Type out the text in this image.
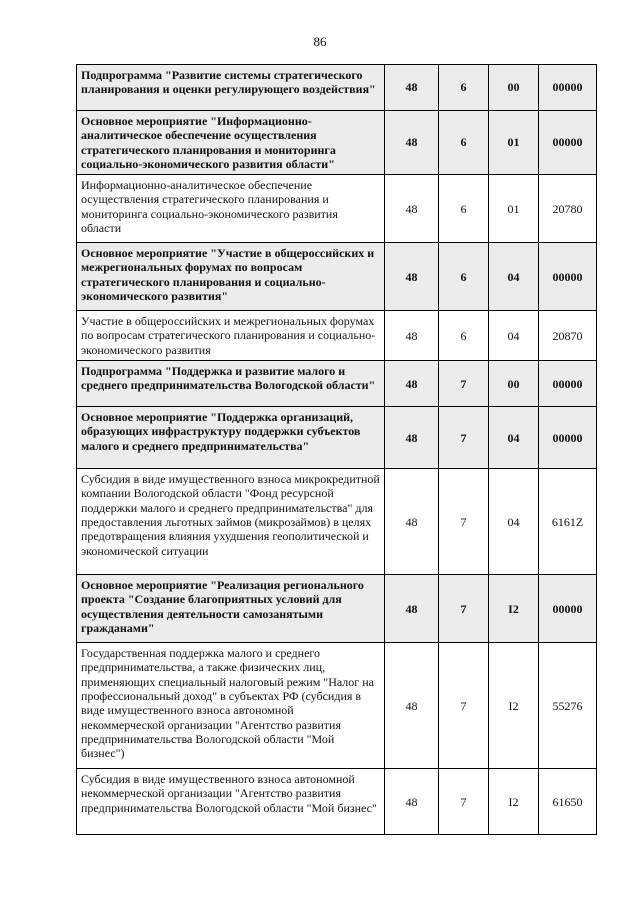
86
Подпрограмма "Развитие системы стратегического планирования и оценки регулирующего воздействия"	48	6	00	00000
Основное мероприятие "Информационно-аналитическое обеспечение осуществления стратегического планирования и мониторинга социально-экономического развития области"	48	6	01	00000
Информационно-аналитическое обеспечение осуществления стратегического планирования и мониторинга социально-экономического развития области	48	6	01	20780
Основное мероприятие "Участие в общероссийских и межрегиональных форумах по вопросам стратегического планирования и социально-экономического развития"	48	6	04	00000
Участие в общероссийских и межрегиональных форумах по вопросам стратегического планирования и социально-экономического развития	48	6	04	20870
Подпрограмма "Поддержка и развитие малого и среднего предпринимательства Вологодской области"	48	7	00	00000
Основное мероприятие "Поддержка организаций, образующих инфраструктуру поддержки субъектов малого и среднего предпринимательства"	48	7	04	00000
Субсидия в виде имущественного взноса микрокредитной компании Вологодской области "Фонд ресурсной поддержки малого и среднего предпринимательства" для предоставления льготных займов (микрозаймов) в целях предотвращения влияния ухудшения геополитической и экономической ситуации	48	7	04	6161Z
Основное мероприятие "Реализация регионального проекта "Создание благоприятных условий для осуществления деятельности самозанятыми гражданами"	48	7	I2	00000
Государственная поддержка малого и среднего предпринимательства, а также физических лиц, применяющих специальный налоговый режим "Налог на профессиональный доход" в субъектах РФ (субсидия в виде имущественного взноса автономной некоммерческой организации "Агентство развития предпринимательства Вологодской области "Мой бизнес")	48	7	I2	55276
Субсидия в виде имущественного взноса автономной некоммерческой организации "Агентство развития предпринимательства Вологодской области "Мой бизнес"	48	7	I2	61650
